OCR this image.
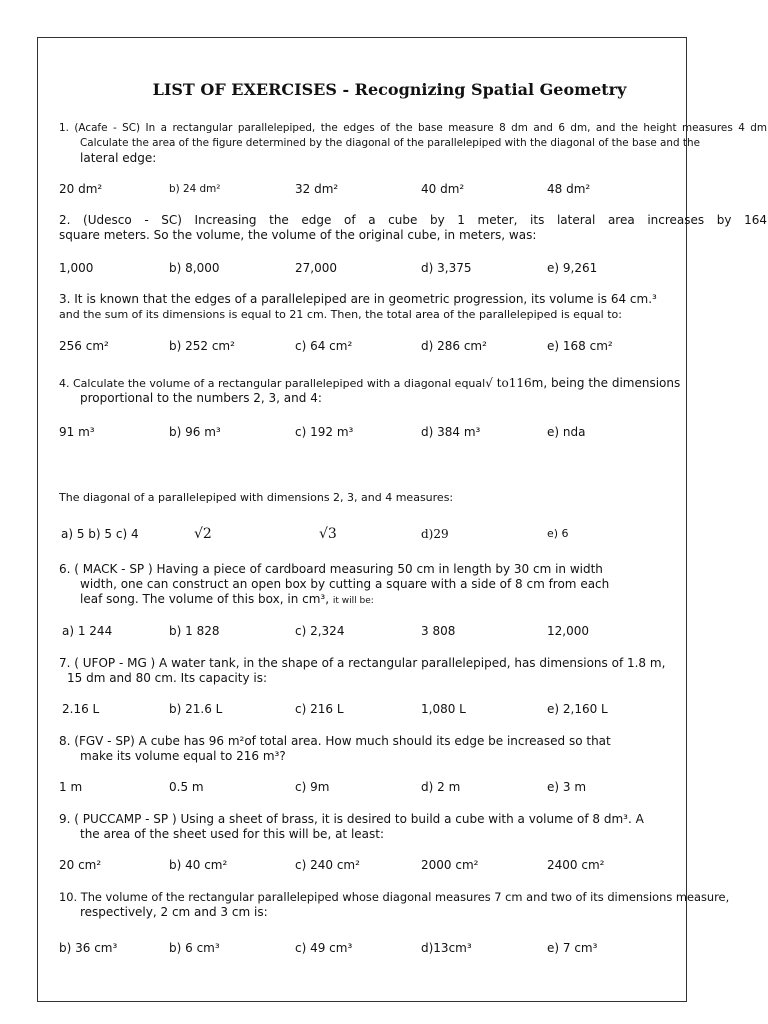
LIST OF EXERCISES - Recognizing Spatial Geometry
1. (Acafe - SC) In a rectangular parallelepiped, the edges of the base measure 8 dm and 6 dm, and the height measures 4 dm
Calculate the area of the figure determined by the diagonal of the parallelepiped with the diagonal of the base and the
lateral edge:
20 dm²	b) 24 dm²	32 dm²	40 dm²	48 dm²
2. (Udesco - SC) Increasing the edge of a cube by 1 meter, its lateral area increases by 164
square meters. So the volume, the volume of the original cube, in meters, was:
1,000	b) 8,000	27,000	d) 3,375	e) 9,261
3. It is known that the edges of a parallelepiped are in geometric progression, its volume is 64 cm.³
and the sum of its dimensions is equal to 21 cm. Then, the total area of the parallelepiped is equal to:
256 cm²	b) 252 cm²	c) 64 cm²	d) 286 cm²	e) 168 cm²
4. Calculate the volume of a rectangular parallelepiped with a diagonal equal√ to116m, being the dimensions
proportional to the numbers 2, 3, and 4:
91 m³	b) 96 m³	c) 192 m³	d) 384 m³	e) nda
The diagonal of a parallelepiped with dimensions 2, 3, and 4 measures:
a) 5 b) 5 c) 4	√2	√3	d)29	e) 6
6. ( MACK - SP ) Having a piece of cardboard measuring 50 cm in length by 30 cm in width
width, one can construct an open box by cutting a square with a side of 8 cm from each
leaf song. The volume of this box, in cm³, it will be:
a) 1 244	b) 1 828	c) 2,324	3 808	12,000
7. ( UFOP - MG ) A water tank, in the shape of a rectangular parallelepiped, has dimensions of 1.8 m,
15 dm and 80 cm. Its capacity is:
2.16 L	b) 21.6 L	c) 216 L	1,080 L	e) 2,160 L
8. (FGV - SP) A cube has 96 m²of total area. How much should its edge be increased so that
make its volume equal to 216 m³?
1 m	0.5 m	c) 9m	d) 2 m	e) 3 m
9. ( PUCCAMP - SP ) Using a sheet of brass, it is desired to build a cube with a volume of 8 dm³. A
the area of the sheet used for this will be, at least:
20 cm²	b) 40 cm²	c) 240 cm²	2000 cm²	2400 cm²
10. The volume of the rectangular parallelepiped whose diagonal measures 7 cm and two of its dimensions measure,
respectively, 2 cm and 3 cm is:
b) 36 cm³	b) 6 cm³	c) 49 cm³	d)13cm³	e) 7 cm³
